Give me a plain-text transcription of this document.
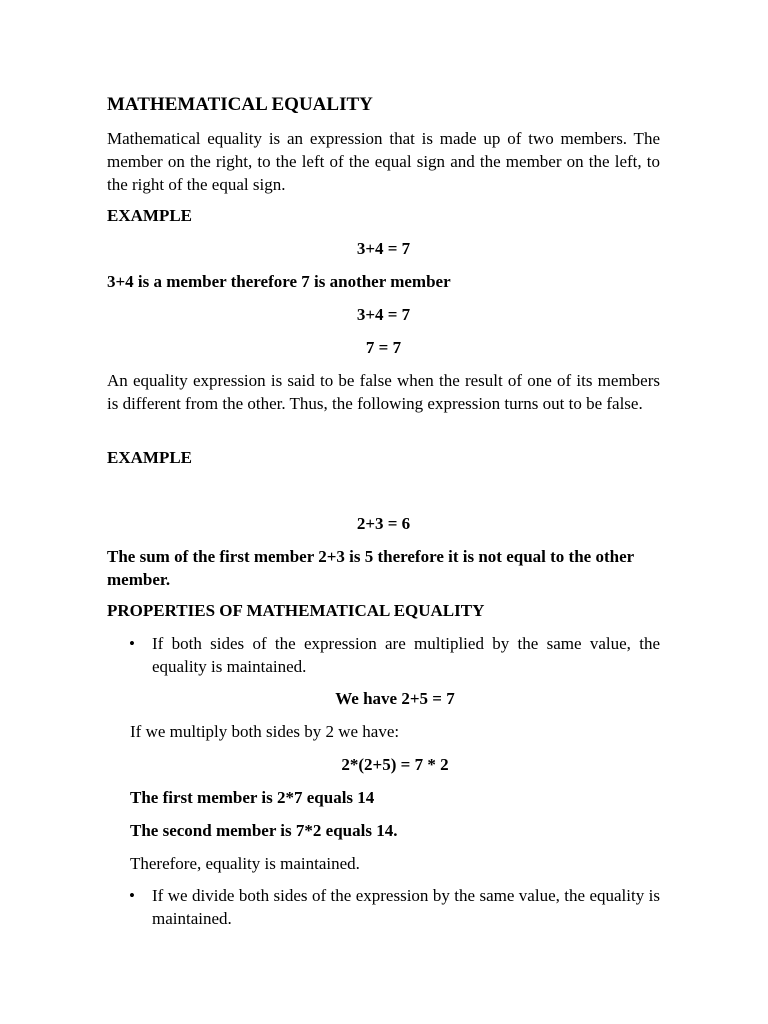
MATHEMATICAL EQUALITY

Mathematical equality is an expression that is made up of two members. The member on the right, to the left of the equal sign and the member on the left, to the right of the equal sign.

EXAMPLE

3+4 = 7

3+4 is a member therefore 7 is another member

3+4 = 7

7 = 7

An equality expression is said to be false when the result of one of its members is different from the other. Thus, the following expression turns out to be false.

EXAMPLE

2+3 = 6

The sum of the first member 2+3 is 5 therefore it is not equal to the other member.

PROPERTIES OF MATHEMATICAL EQUALITY

• If both sides of the expression are multiplied by the same value, the equality is maintained.

We have 2+5 = 7

If we multiply both sides by 2 we have:

2*(2+5) = 7 * 2

The first member is 2*7 equals 14

The second member is 7*2 equals 14.

Therefore, equality is maintained.

• If we divide both sides of the expression by the same value, the equality is maintained.
